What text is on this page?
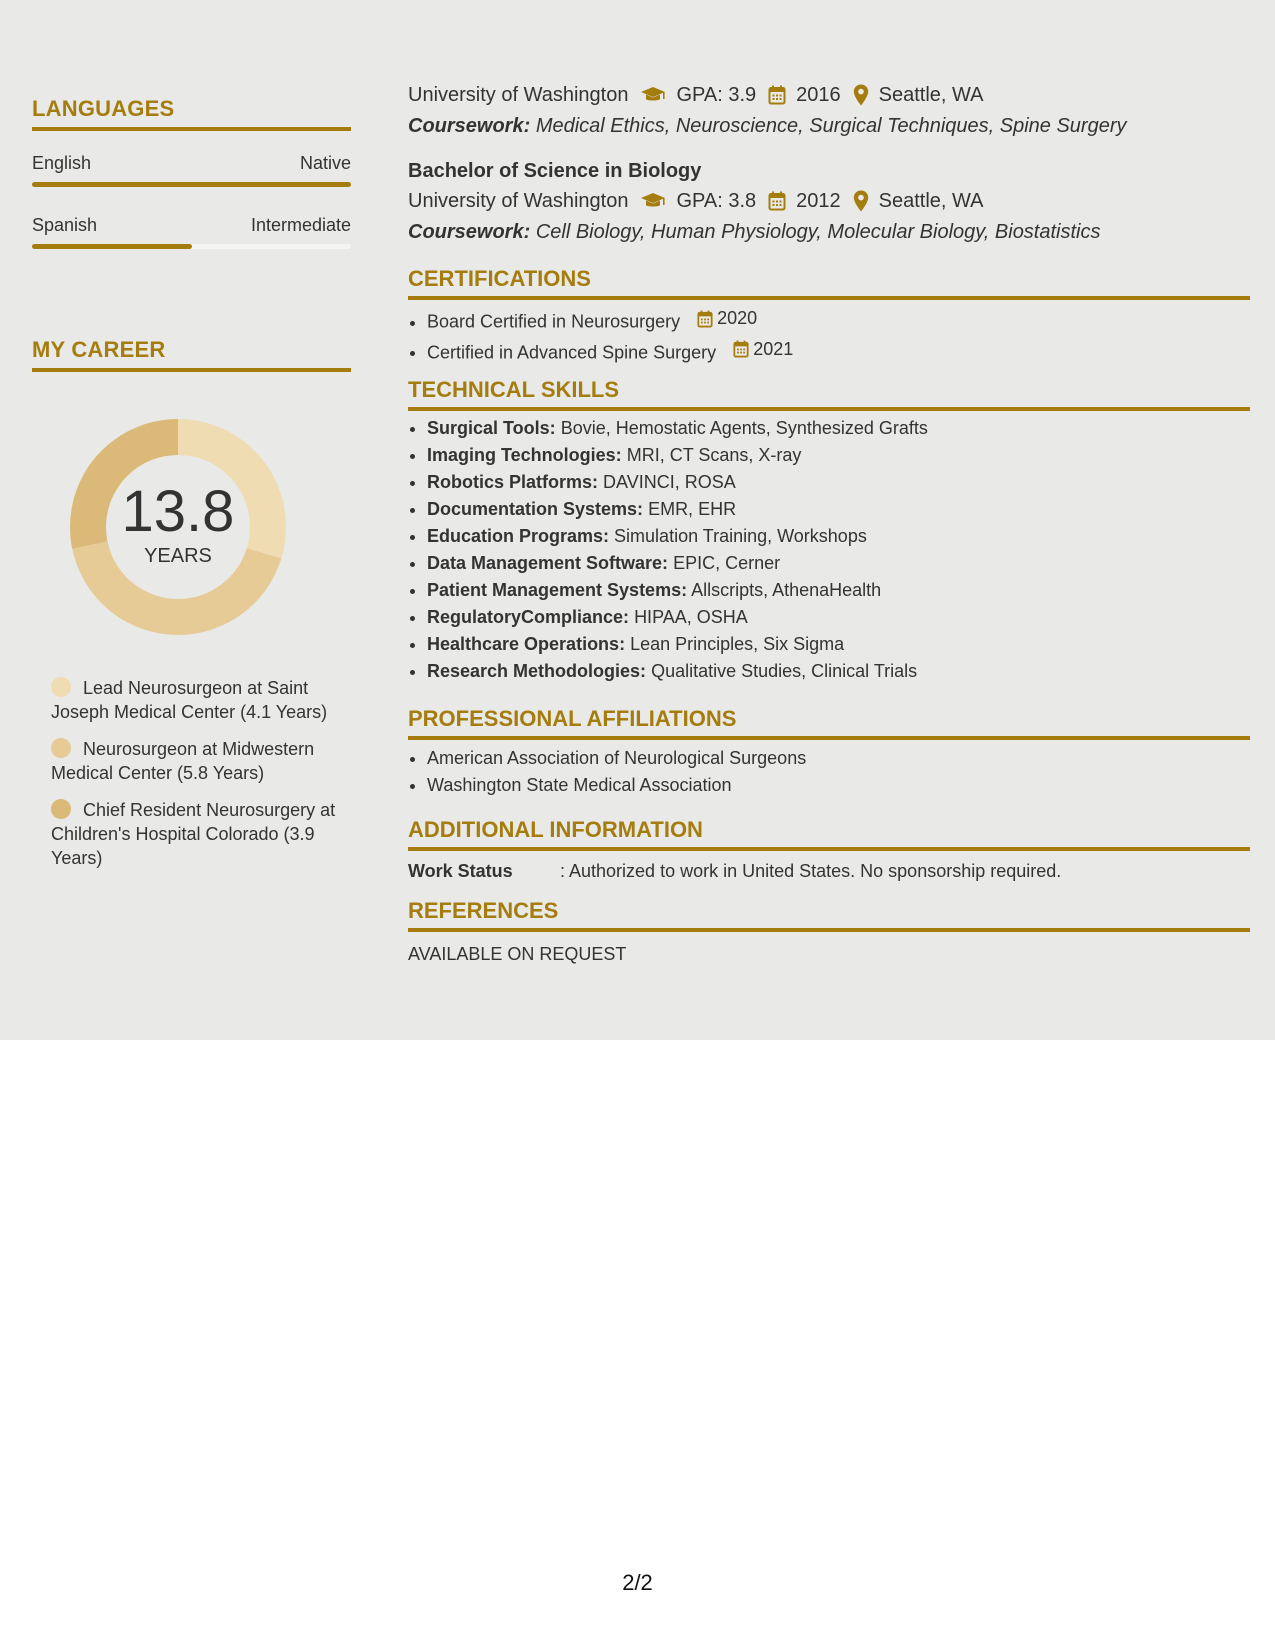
LANGUAGES
English	Native
Spanish	Intermediate
MY CAREER
13.8
YEARS
Lead Neurosurgeon at Saint Joseph Medical Center (4.1 Years)
Neurosurgeon at Midwestern Medical Center (5.8 Years)
Chief Resident Neurosurgery at Children's Hospital Colorado (3.9 Years)
University of Washington GPA: 3.9 2016 Seattle, WA
Coursework: Medical Ethics, Neuroscience, Surgical Techniques, Spine Surgery
Bachelor of Science in Biology
University of Washington GPA: 3.8 2012 Seattle, WA
Coursework: Cell Biology, Human Physiology, Molecular Biology, Biostatistics
CERTIFICATIONS
• Board Certified in Neurosurgery 2020
• Certified in Advanced Spine Surgery 2021
TECHNICAL SKILLS
• Surgical Tools: Bovie, Hemostatic Agents, Synthesized Grafts
• Imaging Technologies: MRI, CT Scans, X-ray
• Robotics Platforms: DAVINCI, ROSA
• Documentation Systems: EMR, EHR
• Education Programs: Simulation Training, Workshops
• Data Management Software: EPIC, Cerner
• Patient Management Systems: Allscripts, AthenaHealth
• RegulatoryCompliance: HIPAA, OSHA
• Healthcare Operations: Lean Principles, Six Sigma
• Research Methodologies: Qualitative Studies, Clinical Trials
PROFESSIONAL AFFILIATIONS
• American Association of Neurological Surgeons
• Washington State Medical Association
ADDITIONAL INFORMATION
Work Status	: Authorized to work in United States. No sponsorship required.
REFERENCES
AVAILABLE ON REQUEST
2/2
